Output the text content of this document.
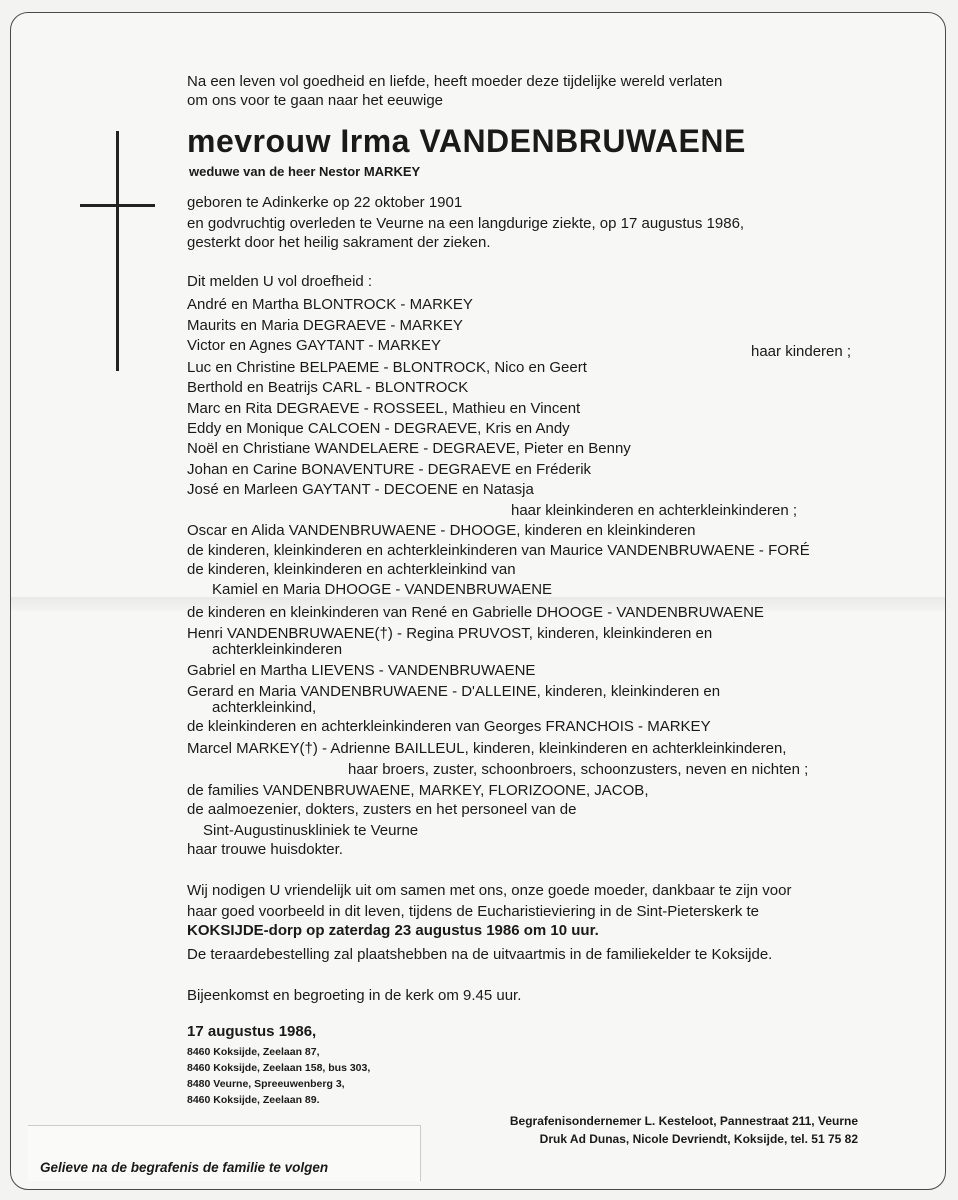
Na een leven vol goedheid en liefde, heeft moeder deze tijdelijke wereld verlaten
om ons voor te gaan naar het eeuwige
mevrouw Irma VANDENBRUWAENE
weduwe van de heer Nestor MARKEY
geboren te Adinkerke op 22 oktober 1901
en godvruchtig overleden te Veurne na een langdurige ziekte, op 17 augustus 1986,
gesterkt door het heilig sakrament der zieken.
Dit melden U vol droefheid :
André en Martha BLONTROCK - MARKEY
Maurits en Maria DEGRAEVE - MARKEY
Victor en Agnes GAYTANT - MARKEY	haar kinderen ;
Luc en Christine BELPAEME - BLONTROCK, Nico en Geert
Berthold en Beatrijs CARL - BLONTROCK
Marc en Rita DEGRAEVE - ROSSEEL, Mathieu en Vincent
Eddy en Monique CALCOEN - DEGRAEVE, Kris en Andy
Noël en Christiane WANDELAERE - DEGRAEVE, Pieter en Benny
Johan en Carine BONAVENTURE - DEGRAEVE en Fréderik
José en Marleen GAYTANT - DECOENE en Natasja
haar kleinkinderen en achterkleinkinderen ;
Oscar en Alida VANDENBRUWAENE - DHOOGE, kinderen en kleinkinderen
de kinderen, kleinkinderen en achterkleinkinderen van Maurice VANDENBRUWAENE - FORÉ
de kinderen, kleinkinderen en achterkleinkind van
Kamiel en Maria DHOOGE - VANDENBRUWAENE
de kinderen en kleinkinderen van René en Gabrielle DHOOGE - VANDENBRUWAENE
Henri VANDENBRUWAENE(†) - Regina PRUVOST, kinderen, kleinkinderen en
achterkleinkinderen
Gabriel en Martha LIEVENS - VANDENBRUWAENE
Gerard en Maria VANDENBRUWAENE - D'ALLEINE, kinderen, kleinkinderen en
achterkleinkind,
de kleinkinderen en achterkleinkinderen van Georges FRANCHOIS - MARKEY
Marcel MARKEY(†) - Adrienne BAILLEUL, kinderen, kleinkinderen en achterkleinkinderen,
haar broers, zuster, schoonbroers, schoonzusters, neven en nichten ;
de families VANDENBRUWAENE, MARKEY, FLORIZOONE, JACOB,
de aalmoezenier, dokters, zusters en het personeel van de
Sint-Augustinuskliniek te Veurne
haar trouwe huisdokter.
Wij nodigen U vriendelijk uit om samen met ons, onze goede moeder, dankbaar te zijn voor
haar goed voorbeeld in dit leven, tijdens de Eucharistieviering in de Sint-Pieterskerk te
KOKSIJDE-dorp op zaterdag 23 augustus 1986 om 10 uur.
De teraardebestelling zal plaatshebben na de uitvaartmis in de familiekelder te Koksijde.
Bijeenkomst en begroeting in de kerk om 9.45 uur.
17 augustus 1986,
8460 Koksijde, Zeelaan 87,
8460 Koksijde, Zeelaan 158, bus 303,
8480 Veurne, Spreeuwenberg 3,
8460 Koksijde, Zeelaan 89.
Begrafenisondernemer L. Kesteloot, Pannestraat 211, Veurne
Druk Ad Dunas, Nicole Devriendt, Koksijde, tel. 51 75 82
Gelieve na de begrafenis de familie te volgen
